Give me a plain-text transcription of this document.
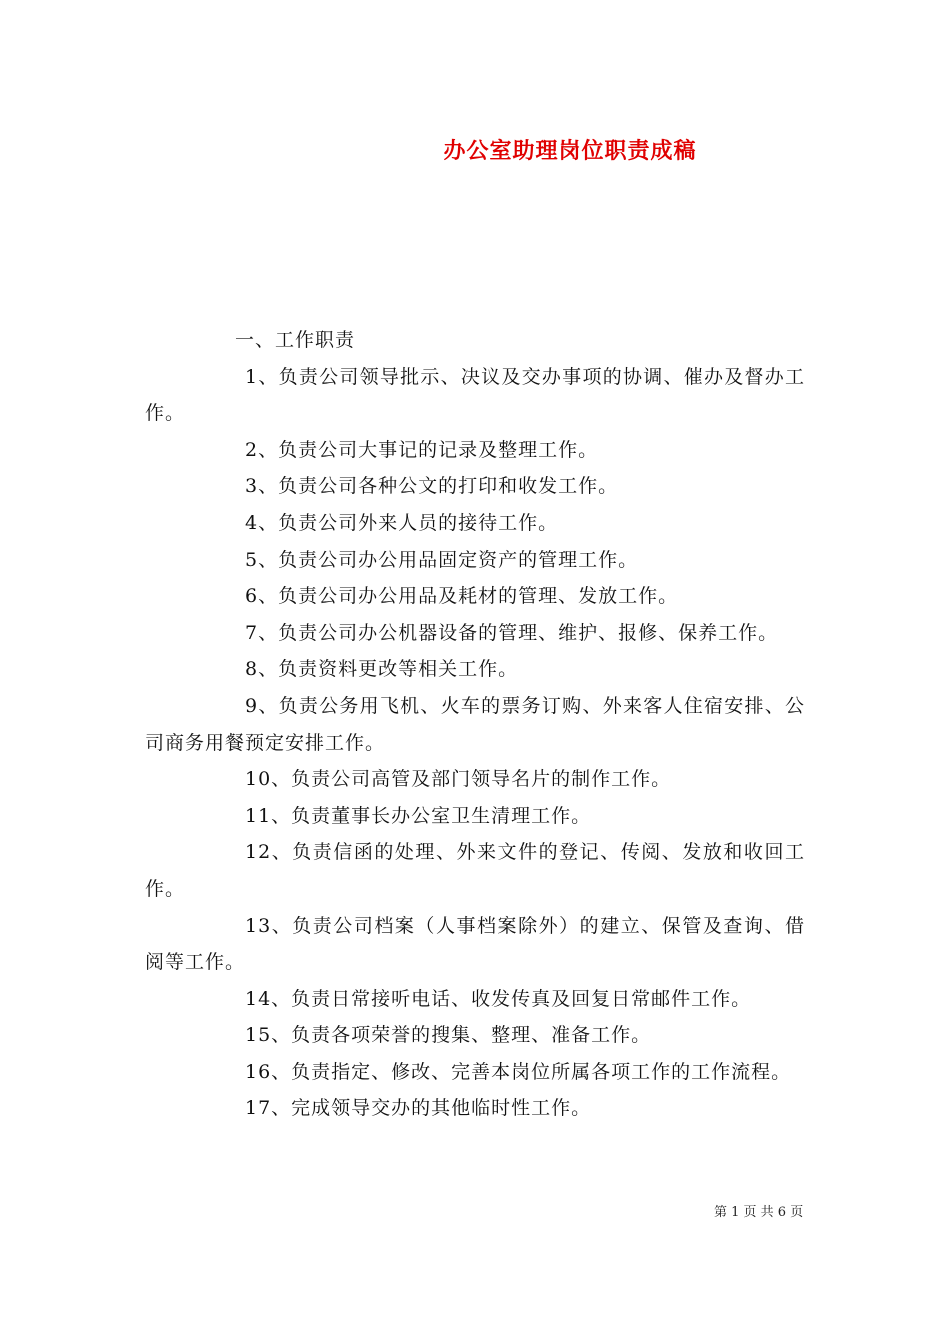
办公室助理岗位职责成稿

一、工作职责

1、负责公司领导批示、决议及交办事项的协调、催办及督办工作。
2、负责公司大事记的记录及整理工作。
3、负责公司各种公文的打印和收发工作。
4、负责公司外来人员的接待工作。
5、负责公司办公用品固定资产的管理工作。
6、负责公司办公用品及耗材的管理、发放工作。
7、负责公司办公机器设备的管理、维护、报修、保养工作。
8、负责资料更改等相关工作。
9、负责公务用飞机、火车的票务订购、外来客人住宿安排、公司商务用餐预定安排工作。
10、负责公司高管及部门领导名片的制作工作。
11、负责董事长办公室卫生清理工作。
12、负责信函的处理、外来文件的登记、传阅、发放和收回工作。
13、负责公司档案（人事档案除外）的建立、保管及查询、借阅等工作。
14、负责日常接听电话、收发传真及回复日常邮件工作。
15、负责各项荣誉的搜集、整理、准备工作。
16、负责指定、修改、完善本岗位所属各项工作的工作流程。
17、完成领导交办的其他临时性工作。
第 1 页 共 6 页
